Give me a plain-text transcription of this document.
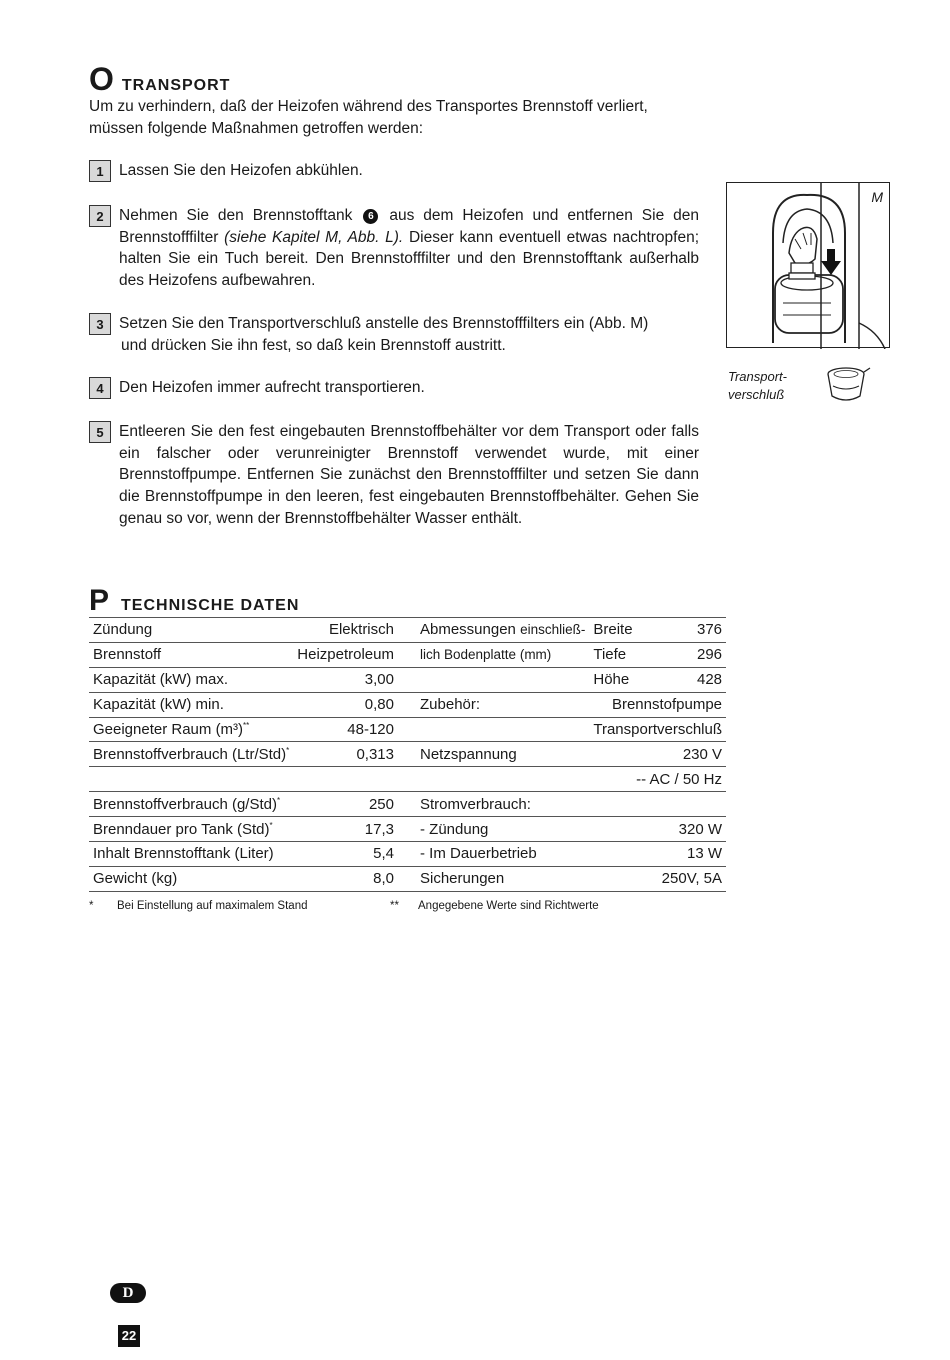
O TRANSPORT
Um zu verhindern, daß der Heizofen während des Transportes Brennstoff verliert,
müssen folgende Maßnahmen getroffen werden:
1 Lassen Sie den Heizofen abkühlen.
2 Nehmen Sie den Brennstofftank 6 aus dem Heizofen und entfernen Sie den Brennstofffilter (siehe Kapitel M, Abb. L). Dieser kann eventuell etwas nachtropfen; halten Sie ein Tuch bereit. Den Brennstofffilter und den Brennstofftank außerhalb des Heizofens aufbewahren.
3 Setzen Sie den Transportverschluß anstelle des Brennstofffilters ein (Abb. M)
und drücken Sie ihn fest, so daß kein Brennstoff austritt.
4 Den Heizofen immer aufrecht transportieren.
5 Entleeren Sie den fest eingebauten Brennstoffbehälter vor dem Transport oder falls ein falscher oder verunreinigter Brennstoff verwendet wurde, mit einer Brennstoffpumpe. Entfernen Sie zunächst den Brennstofffilter und setzen Sie dann die Brennstoffpumpe in den leeren, fest eingebauten Brennstoffbehälter. Gehen Sie genau so vor, wenn der Brennstoffbehälter Wasser enthält.
M
Transport-
verschluß
P TECHNISCHE DATEN
Zündung	Elektrisch	Abmessungen einschließ-	Breite	376
Brennstoff	Heizpetroleum	lich Bodenplatte (mm)	Tiefe	296
Kapazität (kW) max.	3,00		Höhe	428
Kapazität (kW) min.	0,80	Zubehör:	Brennstofpumpe	
Geeigneter Raum (m³)**	48-120		Transportverschluß	
Brennstoffverbrauch (Ltr/Std)*	0,313	Netzspannung	230 V	
			-- AC / 50 Hz	
Brennstoffverbrauch (g/Std)*	250	Stromverbrauch:		
Brenndauer pro Tank (Std)*	17,3	- Zündung	320 W	
Inhalt Brennstofftank (Liter)	5,4	- Im Dauerbetrieb	13 W	
Gewicht (kg)	8,0	Sicherungen	250V, 5A	
* Bei Einstellung auf maximalem Stand	** Angegebene Werte sind Richtwerte
D
22
